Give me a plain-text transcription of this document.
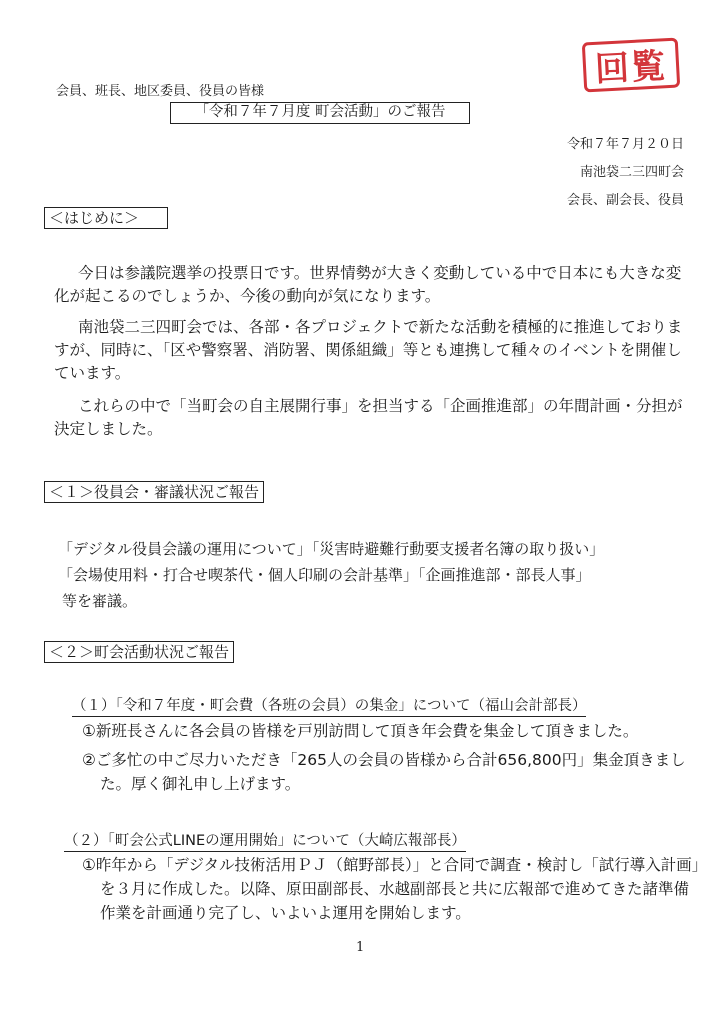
回覧
会員、班長、地区委員、役員の皆様
「令和７年７月度 町会活動」のご報告
令和７年７月２０日
南池袋二三四町会
会長、副会長、役員
＜はじめに＞

今日は参議院選挙の投票日です。世界情勢が大きく変動している中で日本にも大きな変化が起こるのでしょうか、今後の動向が気になります。

南池袋二三四町会では、各部・各プロジェクトで新たな活動を積極的に推進しておりますが、同時に、「区や警察署、消防署、関係組織」等とも連携して種々のイベントを開催しています。

これらの中で「当町会の自主展開行事」を担当する「企画推進部」の年間計画・分担が決定しました。

＜１＞役員会・審議状況ご報告
「デジタル役員会議の運用について」「災害時避難行動要支援者名簿の取り扱い」
「会場使用料・打合せ喫茶代・個人印刷の会計基準」「企画推進部・部長人事」
等を審議。
＜２＞町会活動状況ご報告
（１）「令和７年度・町会費（各班の会員）の集金」について（福山会計部長）

①新班長さんに各会員の皆様を戸別訪問して頂き年会費を集金して頂きました。

②ご多忙の中ご尽力いただき「265人の会員の皆様から合計656,800円」集金頂きました。厚く御礼申し上げます。

（２）「町会公式LINEの運用開始」について（大崎広報部長）

①昨年から「デジタル技術活用ＰＪ（館野部長）」と合同で調査・検討し「試行導入計画」を３月に作成した。以降、原田副部長、水越副部長と共に広報部で進めてきた諸準備作業を計画通り完了し、いよいよ運用を開始します。

1
